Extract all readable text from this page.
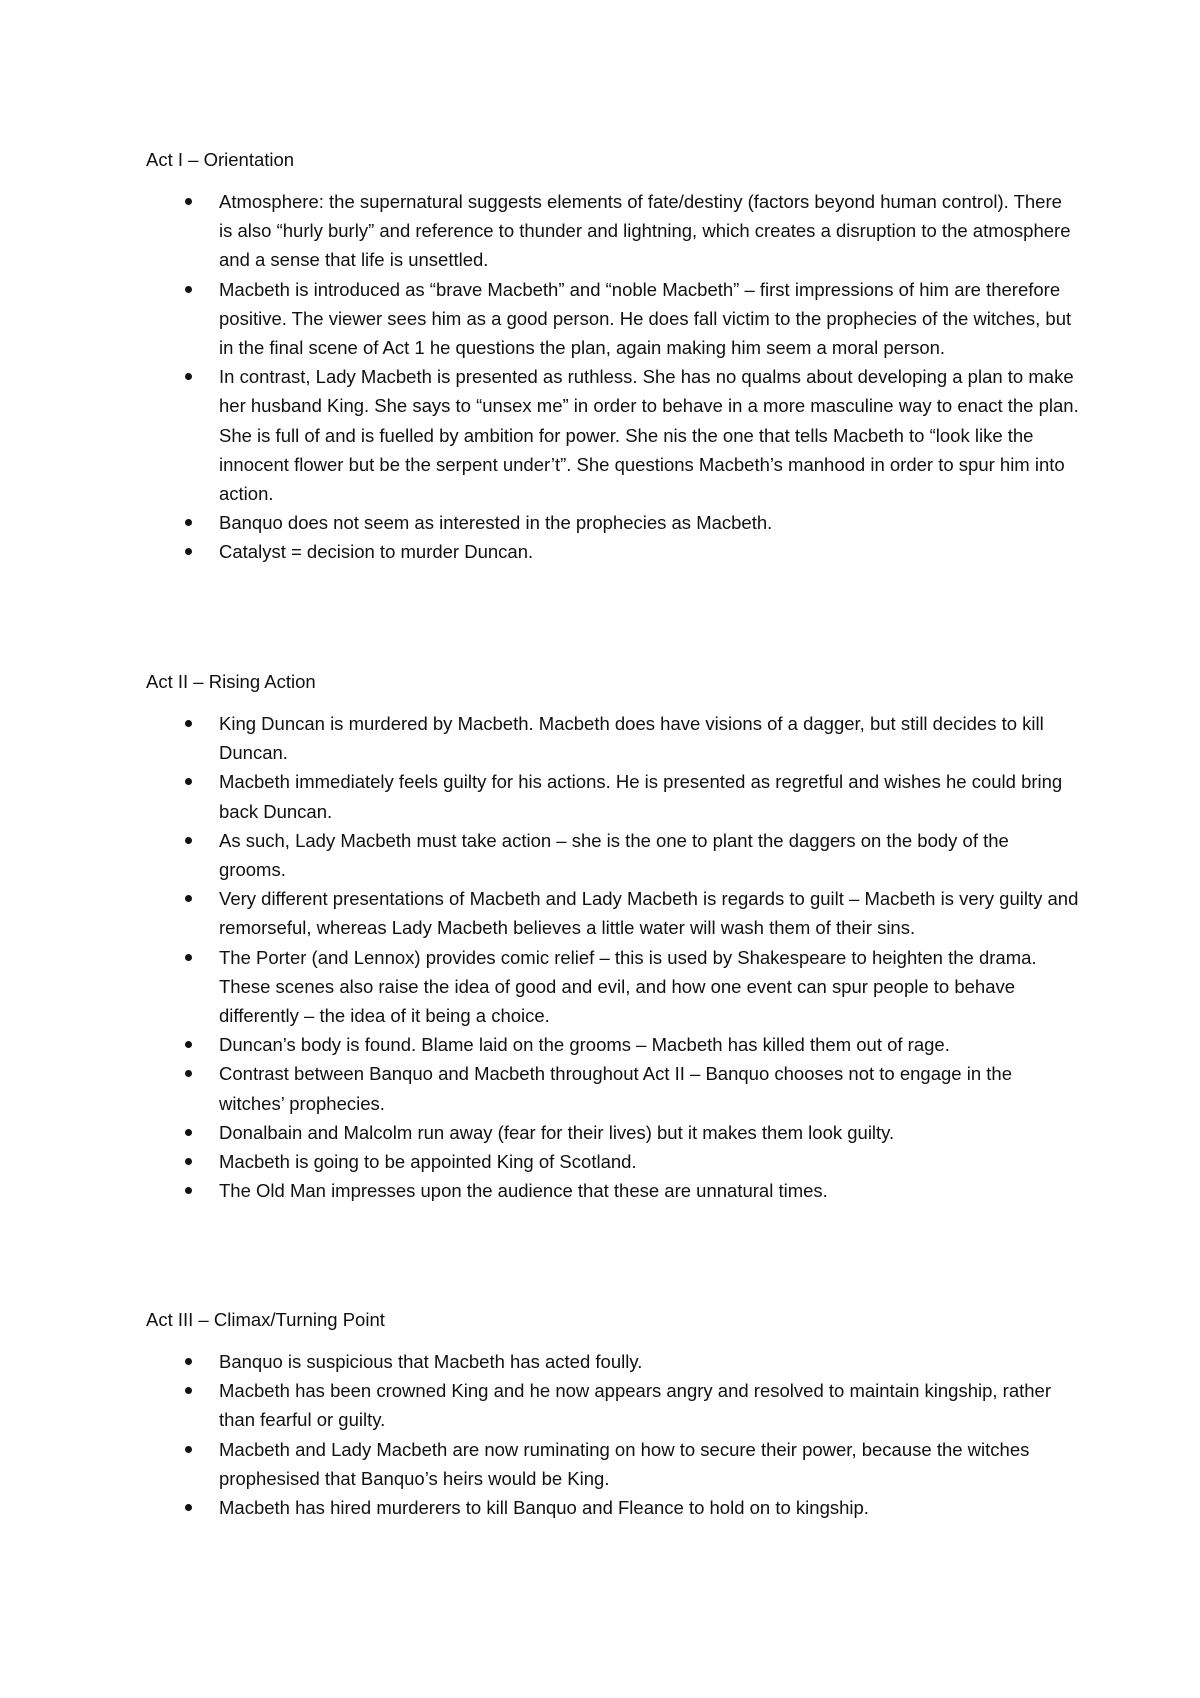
Act I – Orientation
Atmosphere: the supernatural suggests elements of fate/destiny (factors beyond human control). There is also “hurly burly” and reference to thunder and lightning, which creates a disruption to the atmosphere and a sense that life is unsettled.
Macbeth is introduced as “brave Macbeth” and “noble Macbeth” – first impressions of him are therefore positive. The viewer sees him as a good person. He does fall victim to the prophecies of the witches, but in the final scene of Act 1 he questions the plan, again making him seem a moral person.
In contrast, Lady Macbeth is presented as ruthless. She has no qualms about developing a plan to make her husband King. She says to “unsex me” in order to behave in a more masculine way to enact the plan. She is full of and is fuelled by ambition for power. She nis the one that tells Macbeth to “look like the innocent flower but be the serpent under’t”. She questions Macbeth’s manhood in order to spur him into action.
Banquo does not seem as interested in the prophecies as Macbeth.
Catalyst = decision to murder Duncan.
Act II – Rising Action
King Duncan is murdered by Macbeth. Macbeth does have visions of a dagger, but still decides to kill Duncan.
Macbeth immediately feels guilty for his actions. He is presented as regretful and wishes he could bring back Duncan.
As such, Lady Macbeth must take action – she is the one to plant the daggers on the body of the grooms.
Very different presentations of Macbeth and Lady Macbeth is regards to guilt – Macbeth is very guilty and remorseful, whereas Lady Macbeth believes a little water will wash them of their sins.
The Porter (and Lennox) provides comic relief – this is used by Shakespeare to heighten the drama. These scenes also raise the idea of good and evil, and how one event can spur people to behave differently – the idea of it being a choice.
Duncan’s body is found. Blame laid on the grooms – Macbeth has killed them out of rage.
Contrast between Banquo and Macbeth throughout Act II – Banquo chooses not to engage in the witches’ prophecies.
Donalbain and Malcolm run away (fear for their lives) but it makes them look guilty.
Macbeth is going to be appointed King of Scotland.
The Old Man impresses upon the audience that these are unnatural times.
Act III – Climax/Turning Point
Banquo is suspicious that Macbeth has acted foully.
Macbeth has been crowned King and he now appears angry and resolved to maintain kingship, rather than fearful or guilty.
Macbeth and Lady Macbeth are now ruminating on how to secure their power, because the witches prophesised that Banquo’s heirs would be King.
Macbeth has hired murderers to kill Banquo and Fleance to hold on to kingship.
